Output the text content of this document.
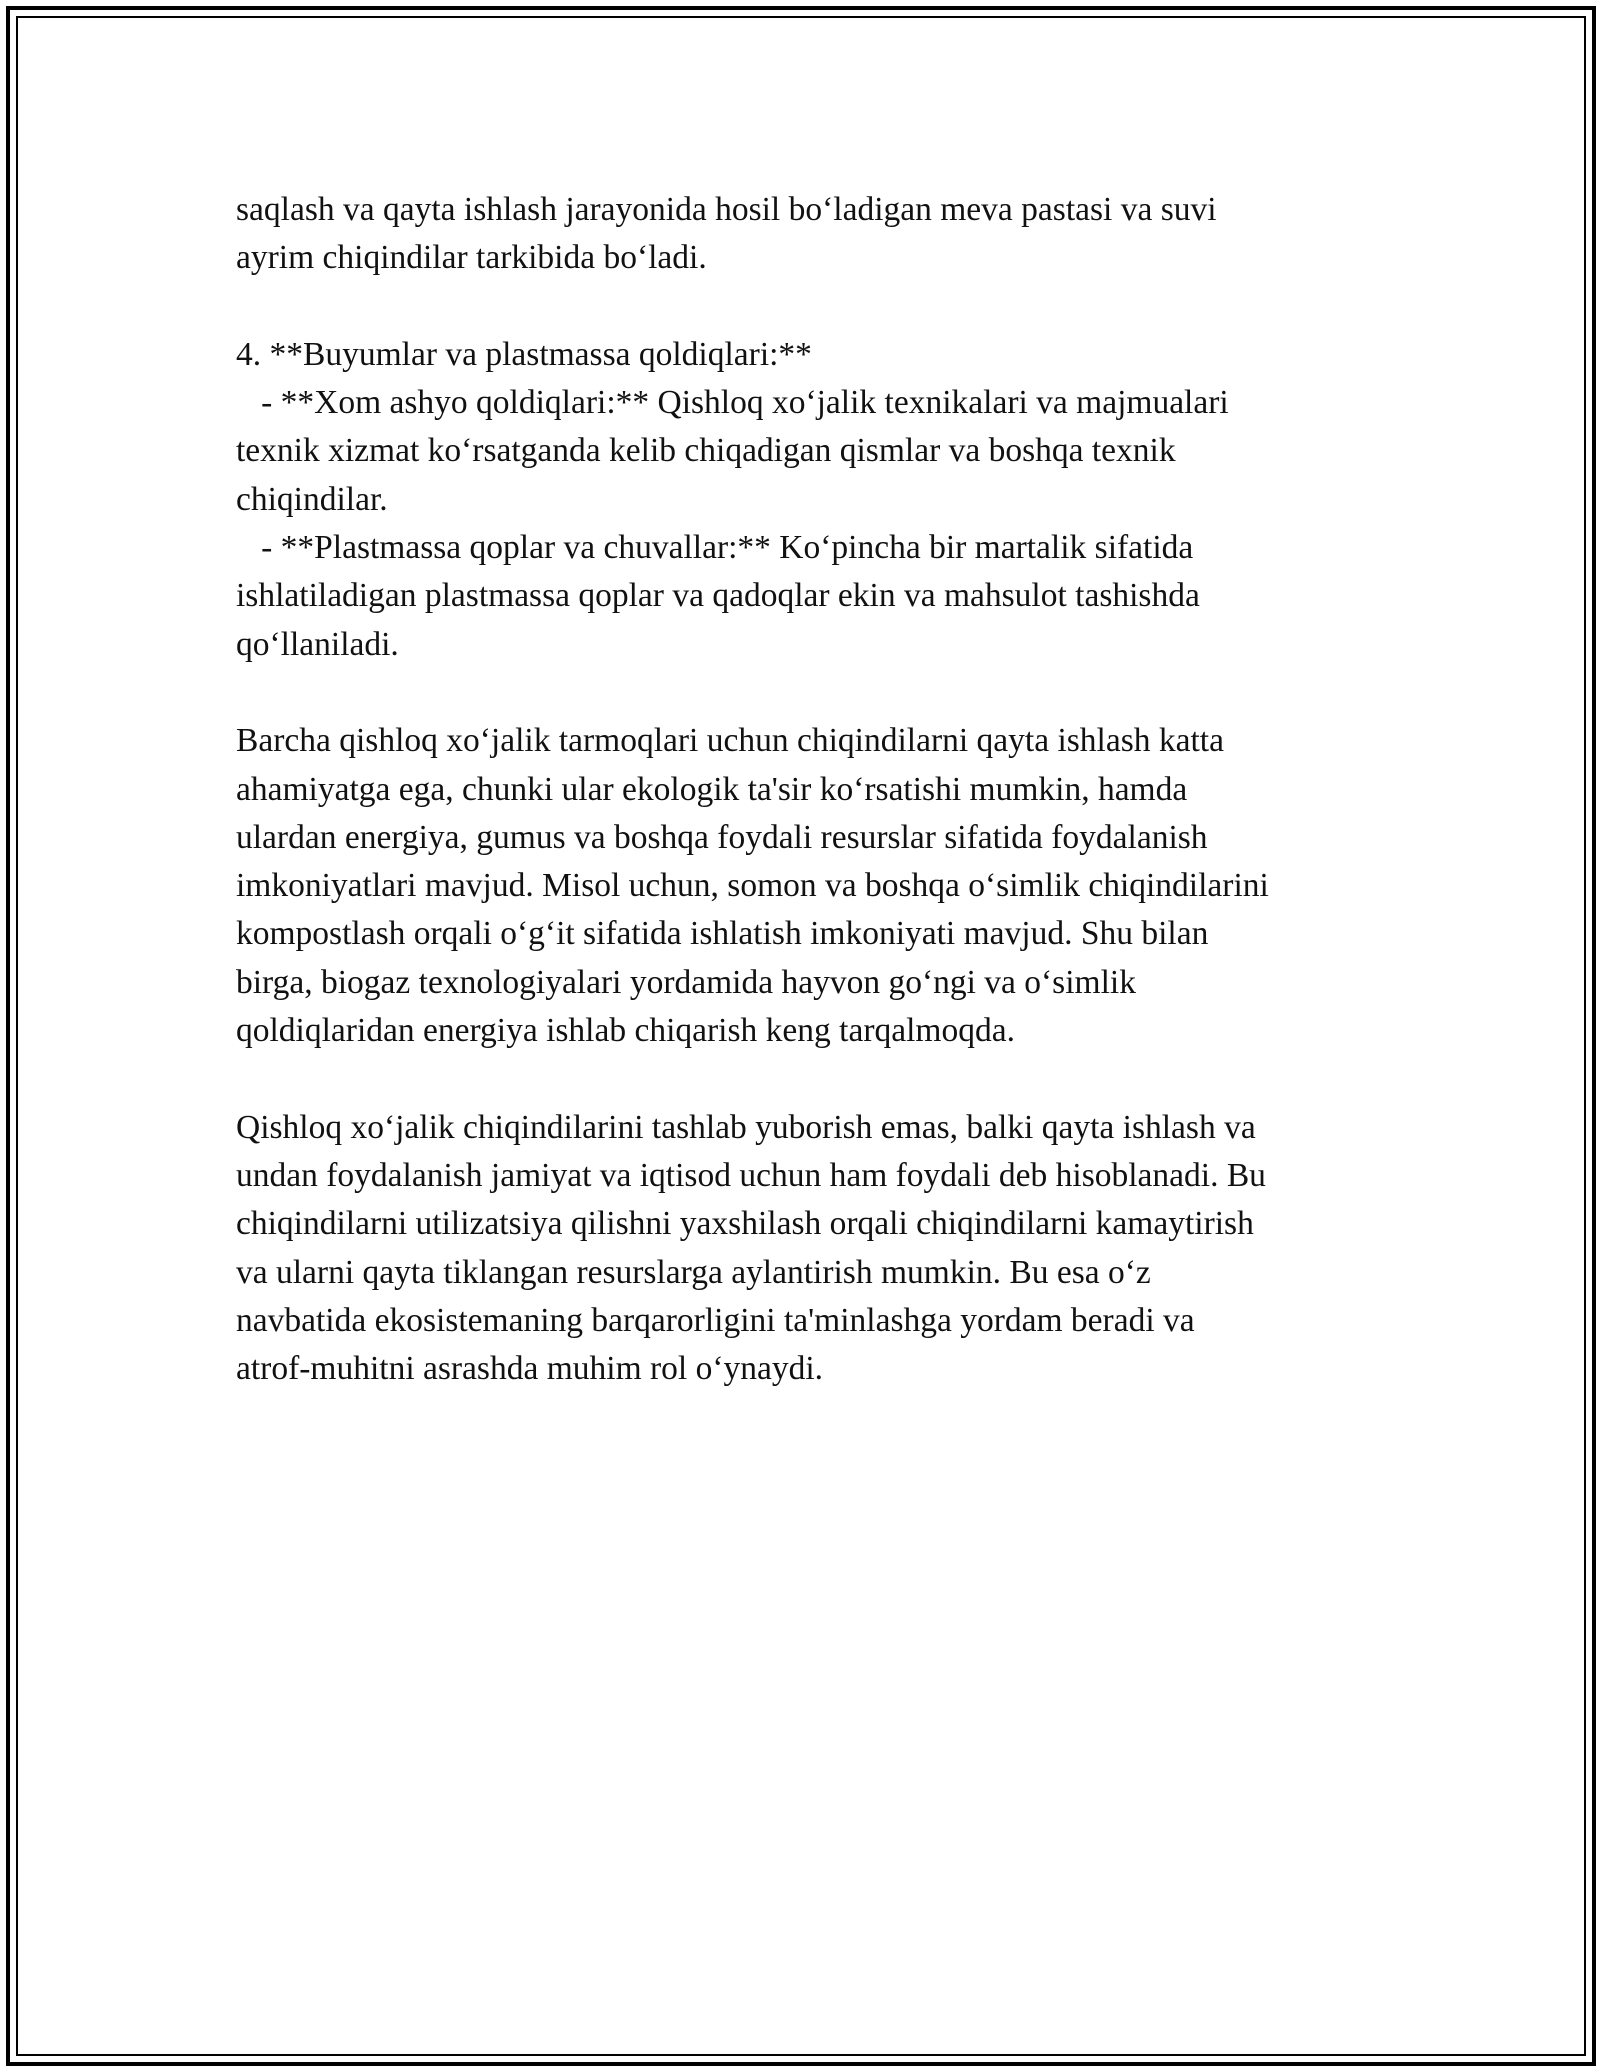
saqlash va qayta ishlash jarayonida hosil bo‘ladigan meva pastasi va suvi
ayrim chiqindilar tarkibida bo‘ladi.
4. **Buyumlar va plastmassa qoldiqlari:**
- **Xom ashyo qoldiqlari:** Qishloq xo‘jalik texnikalari va majmualari
texnik xizmat ko‘rsatganda kelib chiqadigan qismlar va boshqa texnik
chiqindilar.
- **Plastmassa qoplar va chuvallar:** Ko‘pincha bir martalik sifatida
ishlatiladigan plastmassa qoplar va qadoqlar ekin va mahsulot tashishda
qo‘llaniladi.
Barcha qishloq xo‘jalik tarmoqlari uchun chiqindilarni qayta ishlash katta
ahamiyatga ega, chunki ular ekologik ta'sir ko‘rsatishi mumkin, hamda
ulardan energiya, gumus va boshqa foydali resurslar sifatida foydalanish
imkoniyatlari mavjud. Misol uchun, somon va boshqa o‘simlik chiqindilarini
kompostlash orqali o‘g‘it sifatida ishlatish imkoniyati mavjud. Shu bilan
birga, biogaz texnologiyalari yordamida hayvon go‘ngi va o‘simlik
qoldiqlaridan energiya ishlab chiqarish keng tarqalmoqda.
Qishloq xo‘jalik chiqindilarini tashlab yuborish emas, balki qayta ishlash va
undan foydalanish jamiyat va iqtisod uchun ham foydali deb hisoblanadi. Bu
chiqindilarni utilizatsiya qilishni yaxshilash orqali chiqindilarni kamaytirish
va ularni qayta tiklangan resurslarga aylantirish mumkin. Bu esa o‘z
navbatida ekosistemaning barqarorligini ta'minlashga yordam beradi va
atrof-muhitni asrashda muhim rol o‘ynaydi.
